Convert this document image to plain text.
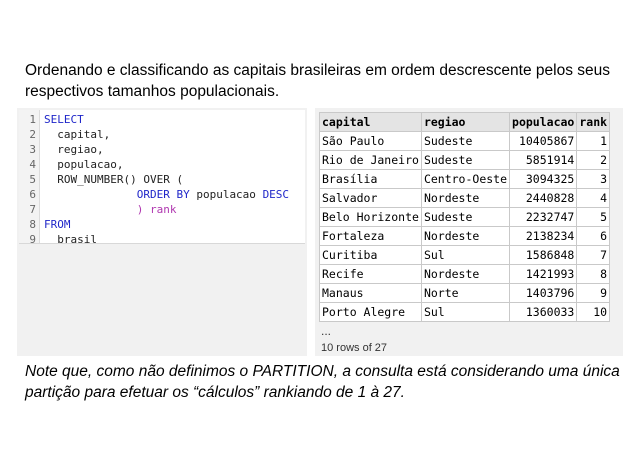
Ordenando e classificando as capitais brasileiras em ordem descrescente pelos seus respectivos tamanhos populacionais.
1 SELECT
2  capital,
3  regiao,
4  populacao,
5  ROW_NUMBER() OVER (
6              ORDER BY populacao DESC
7              ) rank
8 FROM
9  brasil
capital	regiao	populacao	rank
São Paulo	Sudeste	10405867	1
Rio de Janeiro	Sudeste	5851914	2
Brasília	Centro-Oeste	3094325	3
Salvador	Nordeste	2440828	4
Belo Horizonte	Sudeste	2232747	5
Fortaleza	Nordeste	2138234	6
Curitiba	Sul	1586848	7
Recife	Nordeste	1421993	8
Manaus	Norte	1403796	9
Porto Alegre	Sul	1360033	10
...
10 rows of 27
Note que, como não definimos o PARTITION, a consulta está considerando uma única partição para efetuar os “cálculos” rankiando de 1 à 27.
